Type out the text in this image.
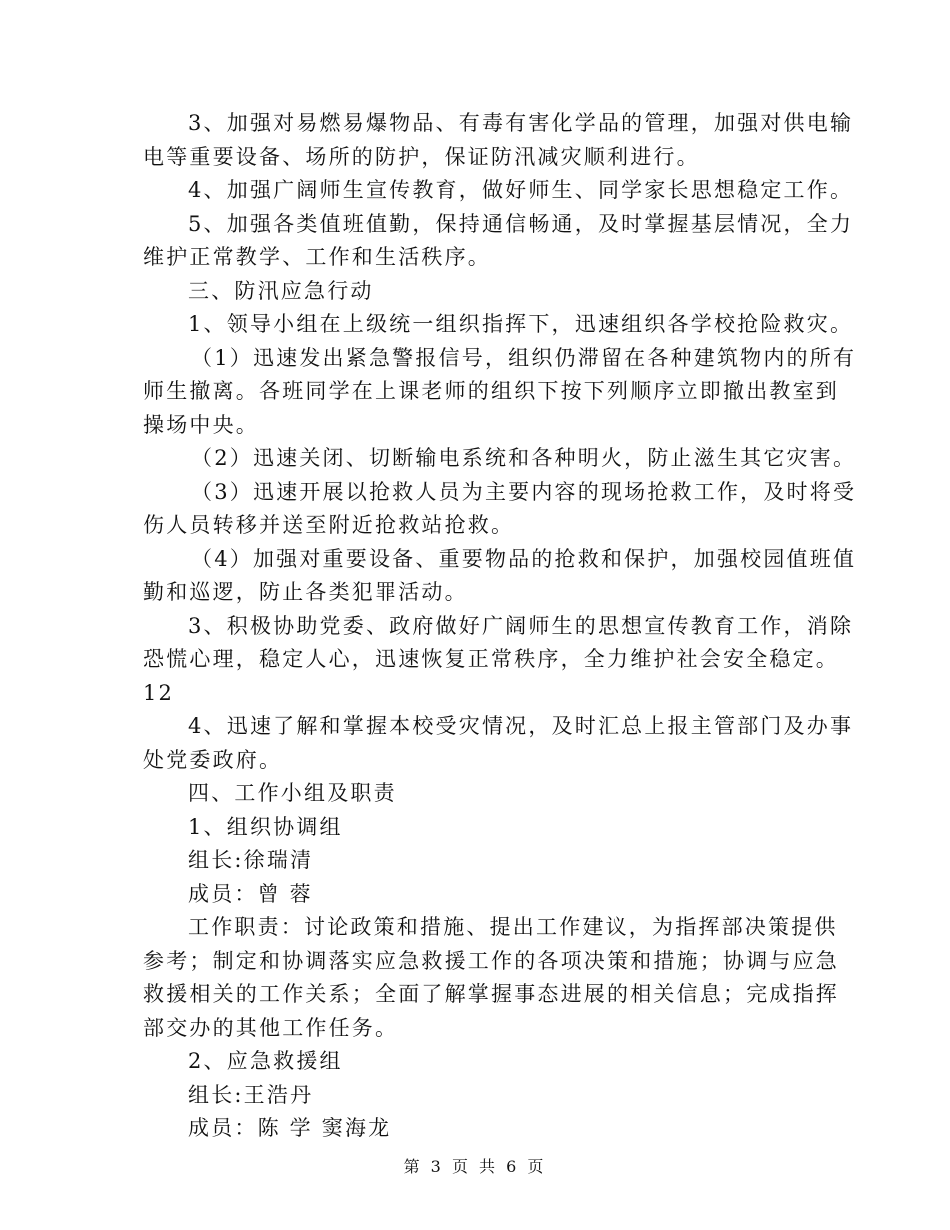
3、加强对易燃易爆物品、有毒有害化学品的管理，加强对供电输
电等重要设备、场所的防护，保证防汛减灾顺利进行。
4、加强广阔师生宣传教育，做好师生、同学家长思想稳定工作。
5、加强各类值班值勤，保持通信畅通，及时掌握基层情况，全力
维护正常教学、工作和生活秩序。
三、防汛应急行动
1、领导小组在上级统一组织指挥下，迅速组织各学校抢险救灾。
（1）迅速发出紧急警报信号，组织仍滞留在各种建筑物内的所有
师生撤离。各班同学在上课老师的组织下按下列顺序立即撤出教室到
操场中央。
（2）迅速关闭、切断输电系统和各种明火，防止滋生其它灾害。
（3）迅速开展以抢救人员为主要内容的现场抢救工作，及时将受
伤人员转移并送至附近抢救站抢救。
（4）加强对重要设备、重要物品的抢救和保护，加强校园值班值
勤和巡逻，防止各类犯罪活动。
3、积极协助党委、政府做好广阔师生的思想宣传教育工作，消除
恐慌心理，稳定人心，迅速恢复正常秩序，全力维护社会安全稳定。
12
4、迅速了解和掌握本校受灾情况，及时汇总上报主管部门及办事
处党委政府。
四、工作小组及职责
1、组织协调组
组长:徐瑞清
成员：曾 蓉
工作职责：讨论政策和措施、提出工作建议，为指挥部决策提供
参考；制定和协调落实应急救援工作的各项决策和措施；协调与应急
救援相关的工作关系；全面了解掌握事态进展的相关信息；完成指挥
部交办的其他工作任务。
2、应急救援组
组长:王浩丹
成员：陈 学 窦海龙
第 3 页 共 6 页
